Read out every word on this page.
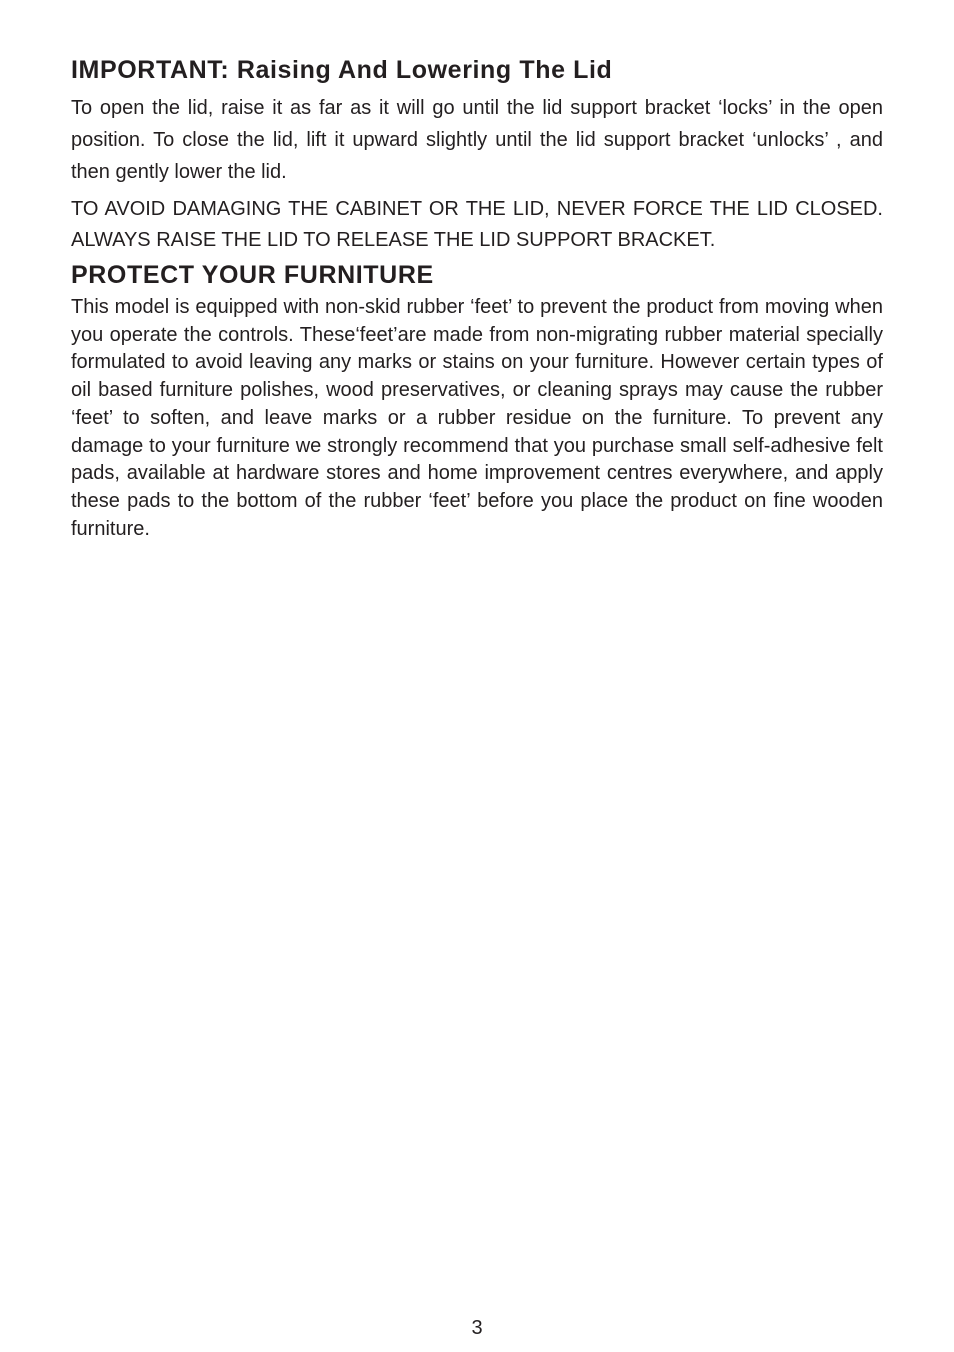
IMPORTANT: Raising And Lowering The Lid

To open the lid, raise it as far as it will go until the lid support bracket ‘locks’ in the open position. To close the lid, lift it upward slightly until the lid support bracket ‘unlocks’ , and then gently lower the lid.

TO AVOID DAMAGING THE CABINET OR THE LID, NEVER FORCE THE LID CLOSED. ALWAYS RAISE THE LID TO RELEASE THE LID SUPPORT BRACKET.

PROTECT YOUR FURNITURE

This model is equipped with non-skid rubber ‘feet’ to prevent the product from moving when you operate the controls. These‘feet’are made from non-migrating rubber material specially formulated to avoid leaving any marks or stains on your furniture. However certain types of oil based furniture polishes, wood preservatives, or cleaning sprays may cause the rubber ‘feet’ to soften, and leave marks or a rubber residue on the furniture. To prevent any damage to your furniture we strongly recommend that you purchase small self-adhesive felt pads, available at hardware stores and home improvement centres everywhere, and apply these pads to the bottom of the rubber ‘feet’ before you place the product on fine wooden furniture.

3
